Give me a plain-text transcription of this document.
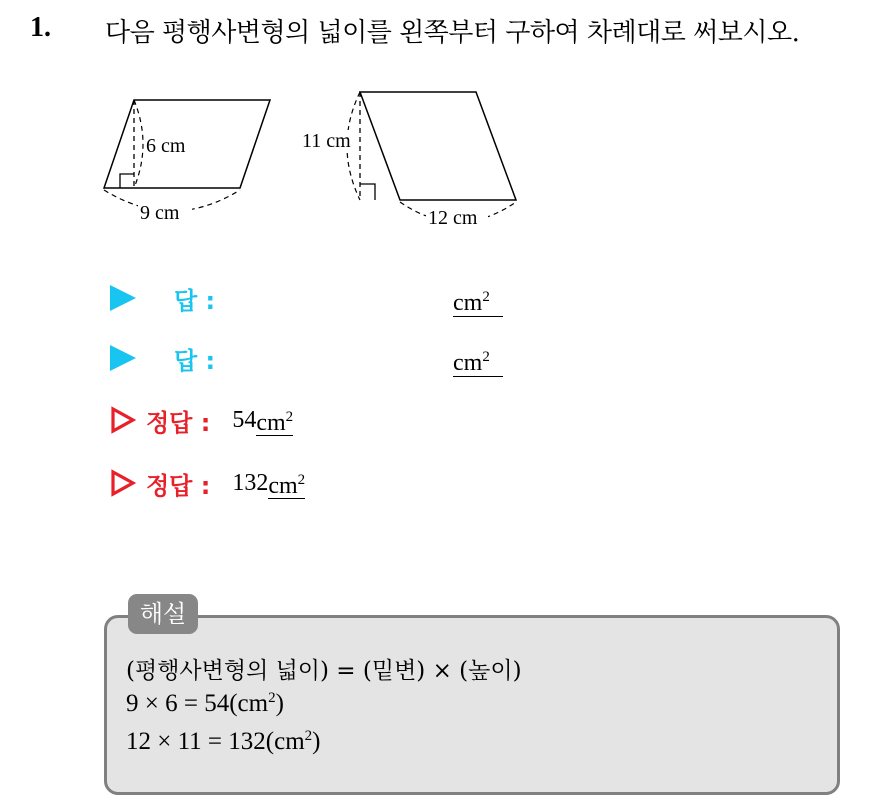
1. 다음 평행사변형의 넓이를 왼쪽부터 구하여 차례대로 써보시오.
6 cm
9 cm
11 cm
12 cm
답 :	$cm^2$
답 :	$cm^2$
정답 : 54 $cm^2$
정답 : 132 $cm^2$
해설
(평행사변형의 넓이) = (밑변) × (높이)
$9 \times 6 = 54(cm^2)$
$12 \times 11 = 132(cm^2)$
